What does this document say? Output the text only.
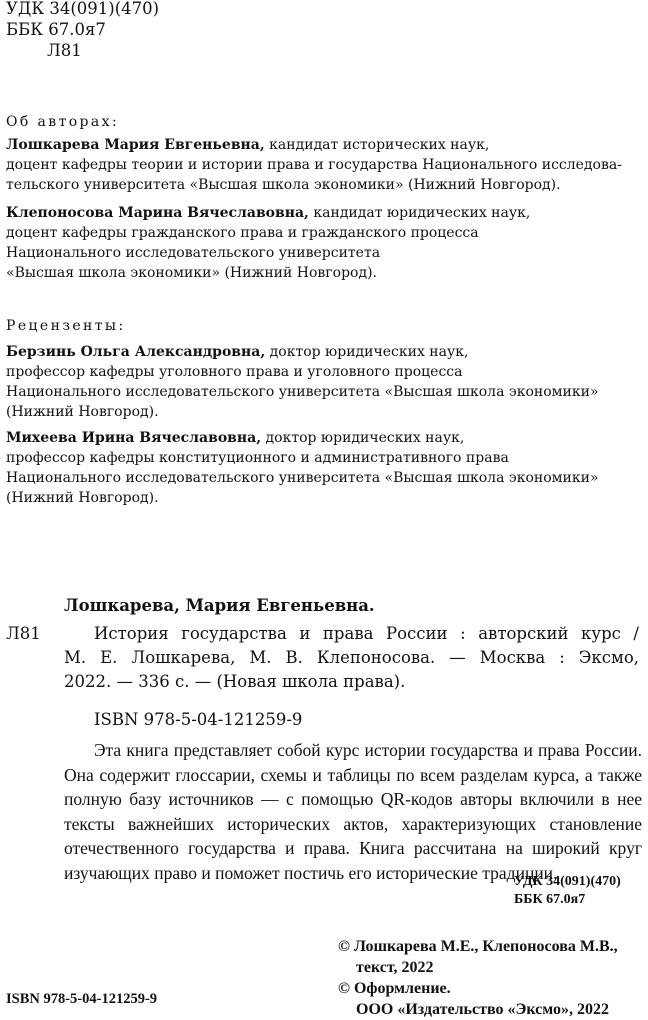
УДК 34(091)(470)
ББК 67.0я7
Л81
Об авторах:
Лошкарева Мария Евгеньевна, кандидат исторических наук,
доцент кафедры теории и истории права и государства Национального исследова-
тельского университета «Высшая школа экономики» (Нижний Новгород).
Клепоносова Марина Вячеславовна, кандидат юридических наук,
доцент кафедры гражданского права и гражданского процесса
Национального исследовательского университета
«Высшая школа экономики» (Нижний Новгород).
Рецензенты:
Берзинь Ольга Александровна, доктор юридических наук,
профессор кафедры уголовного права и уголовного процесса
Национального исследовательского университета «Высшая школа экономики»
(Нижний Новгород).
Михеева Ирина Вячеславовна, доктор юридических наук,
профессор кафедры конституционного и административного права
Национального исследовательского университета «Высшая школа экономики»
(Нижний Новгород).
Лошкарева, Мария Евгеньевна.
Л81	История государства и права России : авторский курс /
М. Е. Лошкарева, М. В. Клепоносова. — Москва : Эксмо,
2022. — 336 с. — (Новая школа права).
ISBN 978-5-04-121259-9
Эта книга представляет собой курс истории государства и права России.
Она содержит глоссарии, схемы и таблицы по всем разделам курса, а также
полную базу источников — с помощью QR-кодов авторы включили в нее
тексты важнейших исторических актов, характеризующих становление
отечественного государства и права. Книга рассчитана на широкий круг
изучающих право и поможет постичь его исторические традиции.
УДК 34(091)(470)
ББК 67.0я7
© Лошкарева М.Е., Клепоносова М.В.,
текст, 2022
© Оформление.
ООО «Издательство «Эксмо», 2022
ISBN 978-5-04-121259-9
